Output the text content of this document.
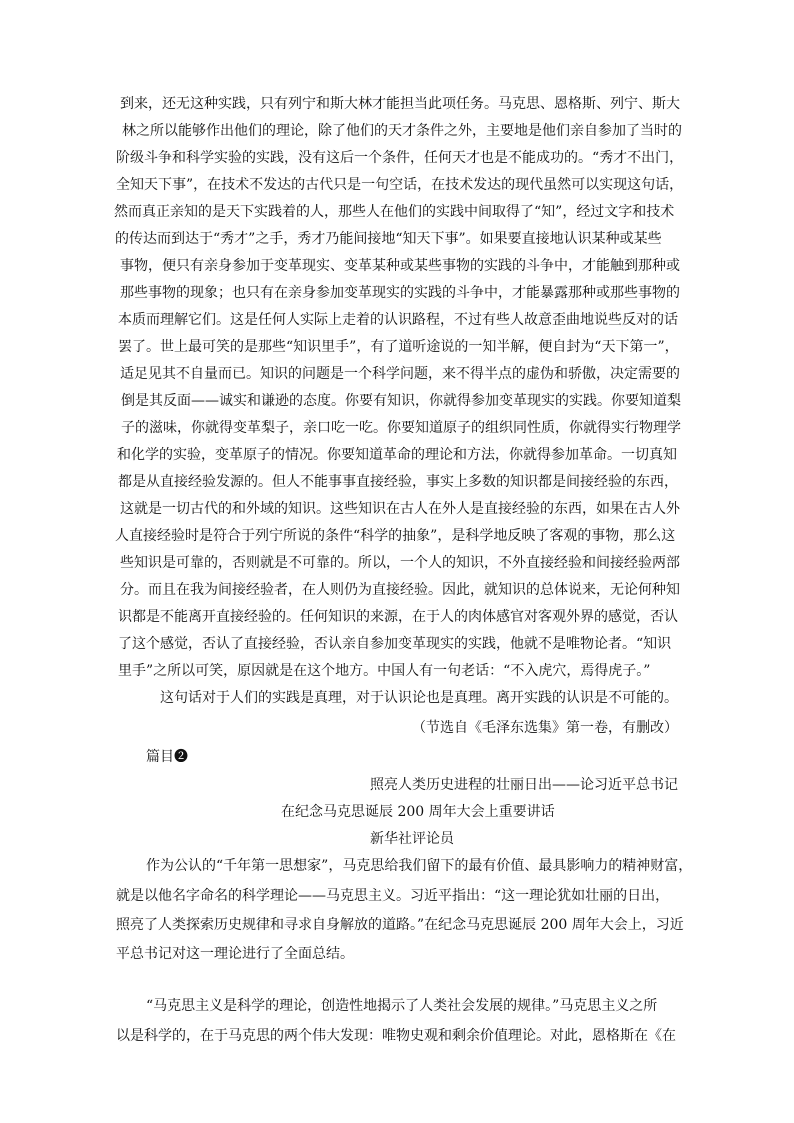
到来，还无这种实践，只有列宁和斯大林才能担当此项任务。马克思、恩格斯、列宁、斯大
林之所以能够作出他们的理论，除了他们的天才条件之外，主要地是他们亲自参加了当时的
阶级斗争和科学实验的实践，没有这后一个条件，任何天才也是不能成功的。“秀才不出门，
全知天下事”，在技术不发达的古代只是一句空话，在技术发达的现代虽然可以实现这句话，
然而真正亲知的是天下实践着的人，那些人在他们的实践中间取得了“知”，经过文字和技术
的传达而到达于“秀才”之手，秀才乃能间接地“知天下事”。如果要直接地认识某种或某些
事物，便只有亲身参加于变革现实、变革某种或某些事物的实践的斗争中，才能触到那种或
那些事物的现象；也只有在亲身参加变革现实的实践的斗争中，才能暴露那种或那些事物的
本质而理解它们。这是任何人实际上走着的认识路程，不过有些人故意歪曲地说些反对的话
罢了。世上最可笑的是那些“知识里手”，有了道听途说的一知半解，便自封为“天下第一”，
适足见其不自量而已。知识的问题是一个科学问题，来不得半点的虚伪和骄傲，决定需要的
倒是其反面——诚实和谦逊的态度。你要有知识，你就得参加变革现实的实践。你要知道梨
子的滋味，你就得变革梨子，亲口吃一吃。你要知道原子的组织同性质，你就得实行物理学
和化学的实验，变革原子的情况。你要知道革命的理论和方法，你就得参加革命。一切真知
都是从直接经验发源的。但人不能事事直接经验，事实上多数的知识都是间接经验的东西，
这就是一切古代的和外域的知识。这些知识在古人在外人是直接经验的东西，如果在古人外
人直接经验时是符合于列宁所说的条件“科学的抽象”，是科学地反映了客观的事物，那么这
些知识是可靠的，否则就是不可靠的。所以，一个人的知识，不外直接经验和间接经验两部
分。而且在我为间接经验者，在人则仍为直接经验。因此，就知识的总体说来，无论何种知
识都是不能离开直接经验的。任何知识的来源，在于人的肉体感官对客观外界的感觉，否认
了这个感觉，否认了直接经验，否认亲自参加变革现实的实践，他就不是唯物论者。“知识
里手”之所以可笑，原因就是在这个地方。中国人有一句老话：“不入虎穴，焉得虎子。”
这句话对于人们的实践是真理，对于认识论也是真理。离开实践的认识是不可能的。
（节选自《毛泽东选集》第一卷，有删改）
篇目❷
照亮人类历史进程的壮丽日出——论习近平总书记
在纪念马克思诞辰 200 周年大会上重要讲话
新华社评论员
作为公认的“千年第一思想家”，马克思给我们留下的最有价值、最具影响力的精神财富，
就是以他名字命名的科学理论——马克思主义。习近平指出：“这一理论犹如壮丽的日出，
照亮了人类探索历史规律和寻求自身解放的道路。”在纪念马克思诞辰 200 周年大会上，习近
平总书记对这一理论进行了全面总结。
“马克思主义是科学的理论，创造性地揭示了人类社会发展的规律。”马克思主义之所
以是科学的，在于马克思的两个伟大发现：唯物史观和剩余价值理论。对此，恩格斯在《在
